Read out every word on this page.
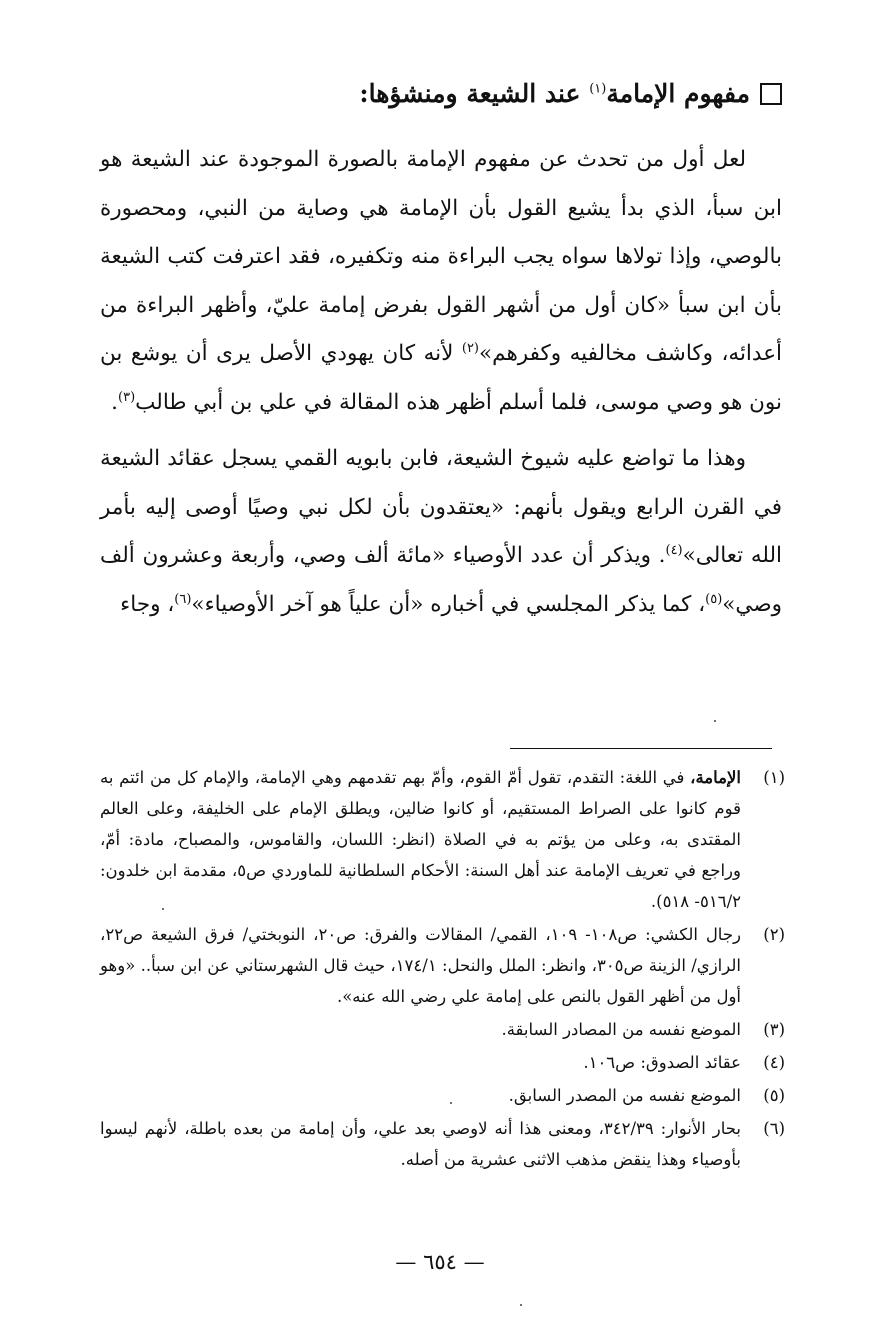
مفهوم الإمامة$^{(١)}$ عند الشيعة ومنشؤها:

لعل أول من تحدث عن مفهوم الإمامة بالصورة الموجودة عند الشيعة هو ابن سبأ، الذي بدأ يشيع القول بأن الإمامة هي وصاية من النبي، ومحصورة بالوصي، وإذا تولاها سواه يجب البراءة منه وتكفيره، فقد اعترفت كتب الشيعة بأن ابن سبأ «كان أول من أشهر القول بفرض إمامة عليّ، وأظهر البراءة من أعدائه، وكاشف مخالفيه وكفرهم»$^{(٢)}$ لأنه كان يهودي الأصل يرى أن يوشع بن نون هو وصي موسى، فلما أسلم أظهر هذه المقالة في علي بن أبي طالب$^{(٣)}$.

وهذا ما تواضع عليه شيوخ الشيعة، فابن بابويه القمي يسجل عقائد الشيعة في القرن الرابع ويقول بأنهم: «يعتقدون بأن لكل نبي وصيًا أوصى إليه بأمر الله تعالى»$^{(٤)}$. ويذكر أن عدد الأوصياء «مائة ألف وصي، وأربعة وعشرون ألف وصي»$^{(٥)}$، كما يذكر المجلسي في أخباره «أن علياً هو آخر الأوصياء»$^{(٦)}$، وجاء

(١)
الإمامة، في اللغة: التقدم، تقول أمّ القوم، وأمّ بهم تقدمهم وهي الإمامة، والإمام كل من ائتم به قوم كانوا على الصراط المستقيم، أو كانوا ضالين، ويطلق الإمام على الخليفة، وعلى العالم المقتدى به، وعلى من يؤتم به في الصلاة (انظر: اللسان، والقاموس، والمصباح، مادة: أمّ، وراجع في تعريف الإمامة عند أهل السنة: الأحكام السلطانية للماوردي ص٥، مقدمة ابن خلدون: ٥١٦/٢- ٥١٨).
(٢)
رجال الكشي: ص١٠٨- ١٠٩، القمي/ المقالات والفرق: ص٢٠، النوبختي/ فرق الشيعة ص٢٢، الرازي/ الزينة ص٣٠٥، وانظر: الملل والنحل: ١٧٤/١، حيث قال الشهرستاني عن ابن سبأ.. «وهو أول من أظهر القول بالنص على إمامة علي رضي الله عنه».
(٣)
الموضع نفسه من المصادر السابقة.
(٤)
عقائد الصدوق: ص١٠٦.
(٥)
الموضع نفسه من المصدر السابق.
(٦)
بحار الأنوار: ٣٤٢/٣٩، ومعنى هذا أنه لاوصي بعد علي، وأن إمامة من بعده باطلة، لأنهم ليسوا بأوصياء وهذا ينقض مذهب الاثنى عشرية من أصله.
— ٦٥٤ —
